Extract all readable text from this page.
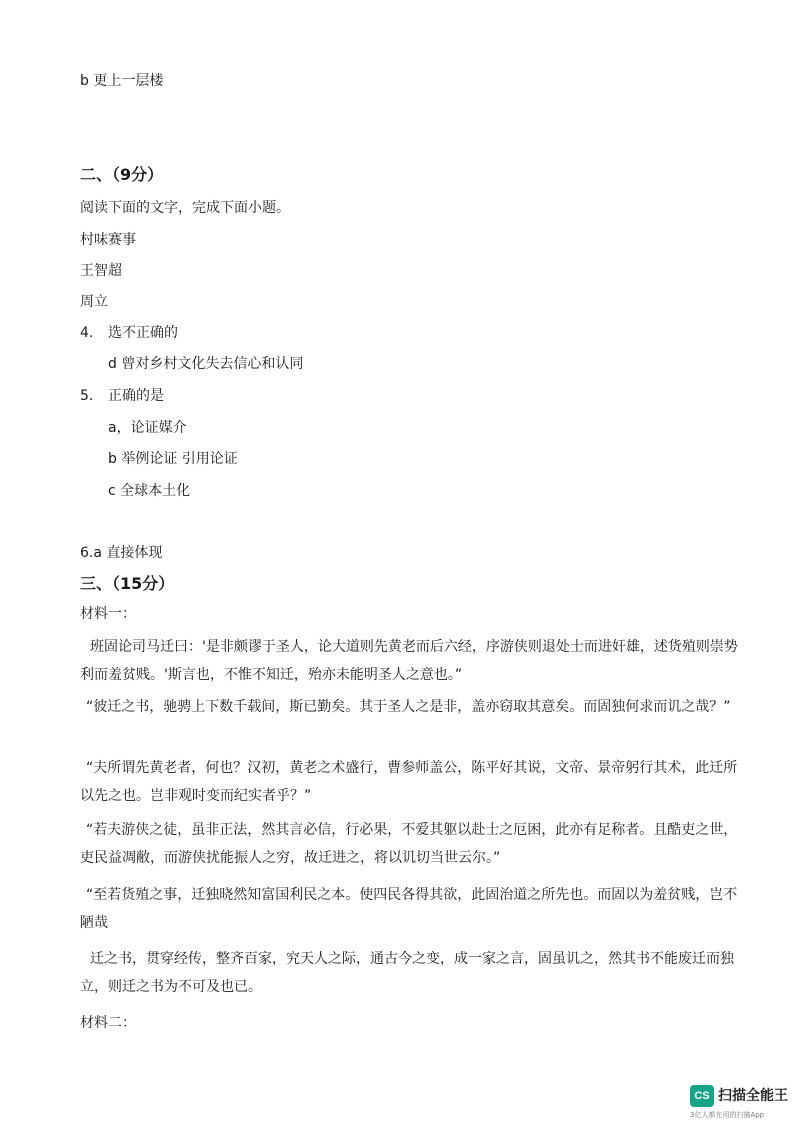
b 更上一层楼
二、（9分）
阅读下面的文字，完成下面小题。
村味赛事
王智超
周立
4. 选不正确的
d 曾对乡村文化失去信心和认同
5. 正确的是
a，论证媒介
b 举例论证 引用论证
c 全球本土化
6.a 直接体现
三、（15分）
材料一：
班固论司马迁曰：'是非颇谬于圣人，论大道则先黄老而后六经，序游侠则退处士而进奸雄，述货殖则崇势利而羞贫贱。'斯言也，不惟不知迁，殆亦未能明圣人之意也。”
“彼迁之书，驰骋上下数千载间，斯已勤矣。其于圣人之是非，盖亦窃取其意矣。而固独何求而讥之哉？”
“夫所谓先黄老者，何也？汉初，黄老之术盛行，曹参师盖公，陈平好其说，文帝、景帝躬行其术，此迁所以先之也。岂非观时变而纪实者乎？”
“若夫游侠之徒，虽非正法，然其言必信，行必果，不爱其躯以赴士之厄困，此亦有足称者。且酷吏之世，吏民益凋敝，而游侠扰能振人之穷，故迁进之，将以讥切当世云尔。”
“至若货殖之事，迁独晓然知富国利民之本。使四民各得其欲，此固治道之所先也。而固以为羞贫贱，岂不陋哉
迁之书，贯穿经传，整齐百家，究天人之际，通古今之变，成一家之言，固虽讥之，然其书不能废迁而独立，则迁之书为不可及也已。
材料二：
CS 扫描全能王
3亿人都在用的扫描App
